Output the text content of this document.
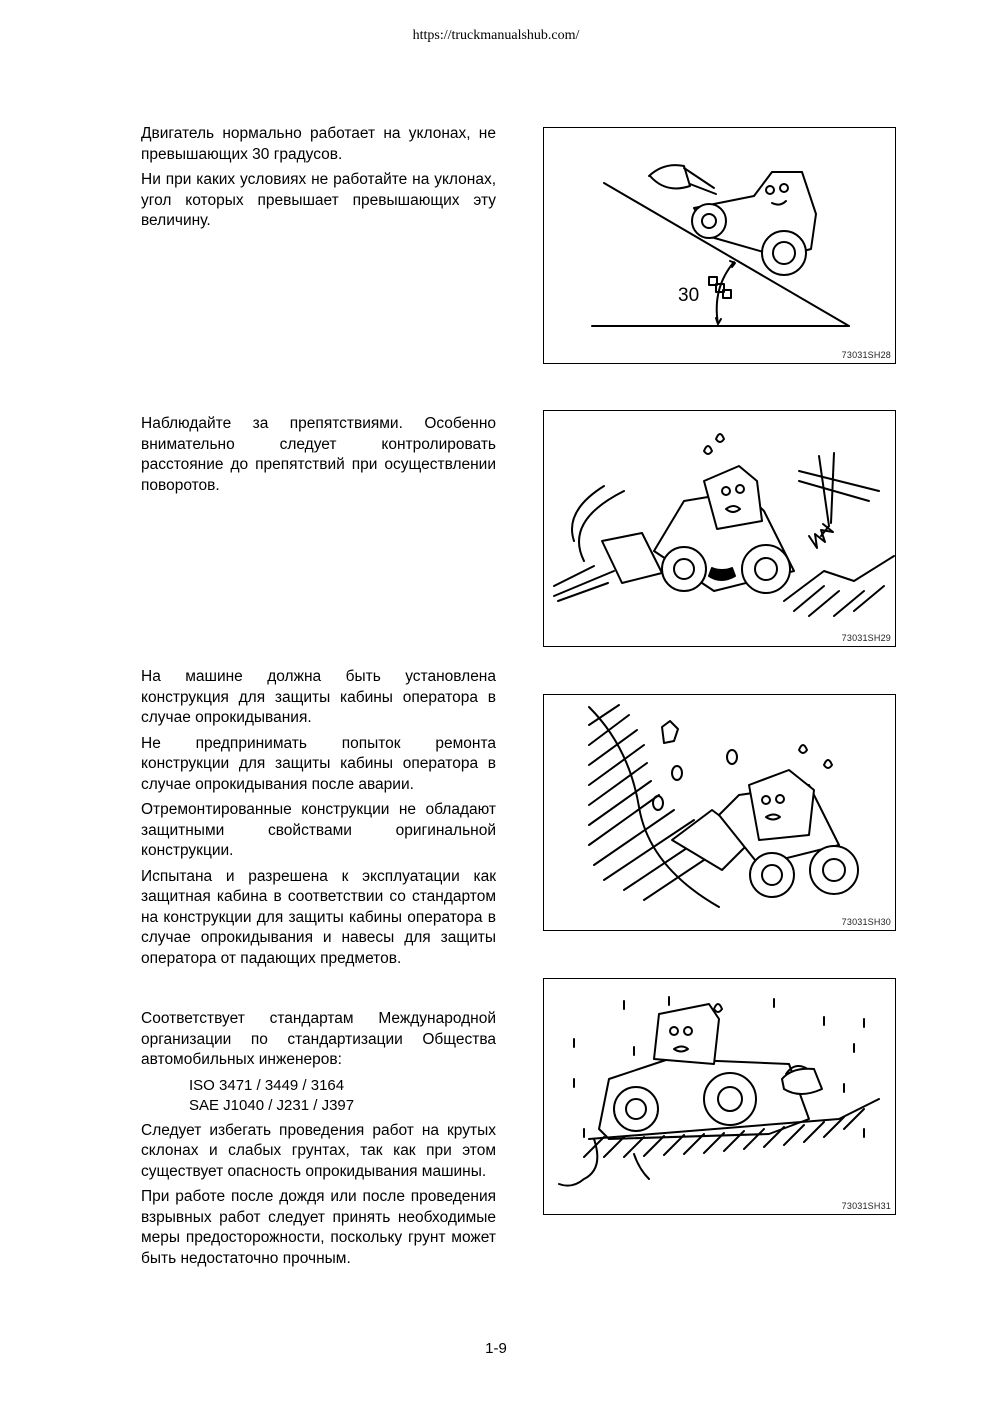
https://truckmanualshub.com/

Двигатель нормально работает на уклонах, не превышающих 30 градусов.

Ни при каких условиях не работайте на уклонах, угол которых превышает превышающих эту величину.

30
73031SH28

Наблюдайте за препятствиями. Особенно внимательно следует контролировать расстояние до препятствий при осуществлении поворотов.

73031SH29

На машине должна быть установлена конструкция для защиты кабины оператора в случае опрокидывания.

Не предпринимать попыток ремонта конструкции для защиты кабины оператора в случае опрокидывания после аварии.

Отремонтированные конструкции не обладают защитными свойствами оригинальной конструкции.

Испытана и разрешена к эксплуатации как защитная кабина в соответствии со стандартом на конструкции для защиты кабины оператора в случае опрокидывания и навесы для защиты оператора от падающих предметов.

73031SH30

Соответствует стандартам Международной организации по стандартизации Общества автомобильных инженеров:

ISO 3471 / 3449 / 3164
SAE J1040 / J231 / J397

Следует избегать проведения работ на крутых склонах и слабых грунтах, так как при этом существует опасность опрокидывания машины.

При работе после дождя или после проведения взрывных работ следует принять необходимые меры предосторожности, поскольку грунт может быть недостаточно прочным.

73031SH31
1-9
